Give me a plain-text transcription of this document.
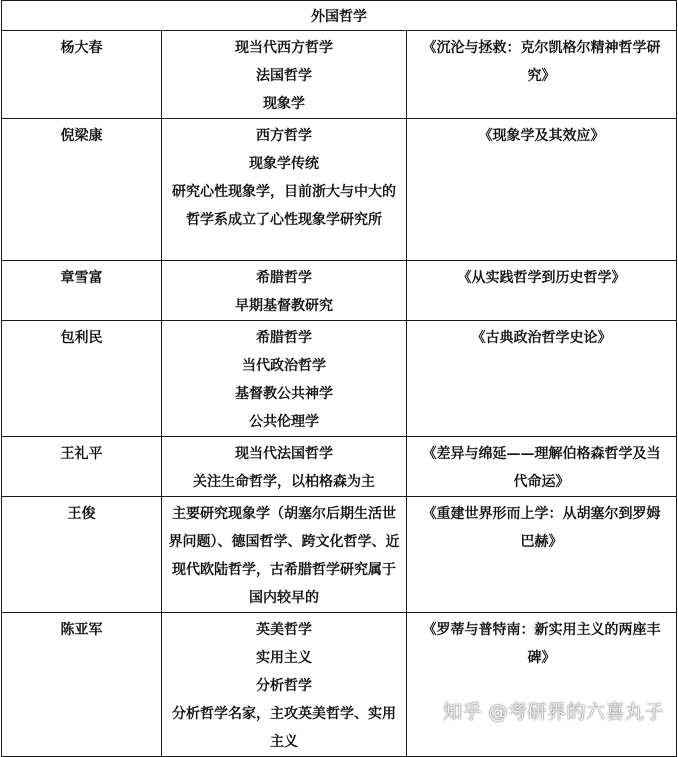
外国哲学		
杨大春	现当代西方哲学
法国哲学
现象学	《沉沦与拯救：克尔凯格尔精神哲学研究》

倪梁康	西方哲学
现象学传统
研究心性现象学，目前浙大与中大的哲学系成立了心性现象学研究所	《现象学及其效应》

章雪富	希腊哲学
早期基督教研究	《从实践哲学到历史哲学》

包利民	希腊哲学
当代政治哲学
基督教公共神学
公共伦理学	《古典政治哲学史论》

王礼平	现当代法国哲学
关注生命哲学，以柏格森为主	《差异与绵延——理解伯格森哲学及当代命运》

王俊	主要研究现象学（胡塞尔后期生活世界问题）、德国哲学、跨文化哲学、近现代欧陆哲学，古希腊哲学研究属于国内较早的	《重建世界形而上学：从胡塞尔到罗姆巴赫》

陈亚军	英美哲学
实用主义
分析哲学
分析哲学名家，主攻英美哲学、实用主义	《罗蒂与普特南：新实用主义的两座丰碑》
知乎 @考研界的六喜丸子
